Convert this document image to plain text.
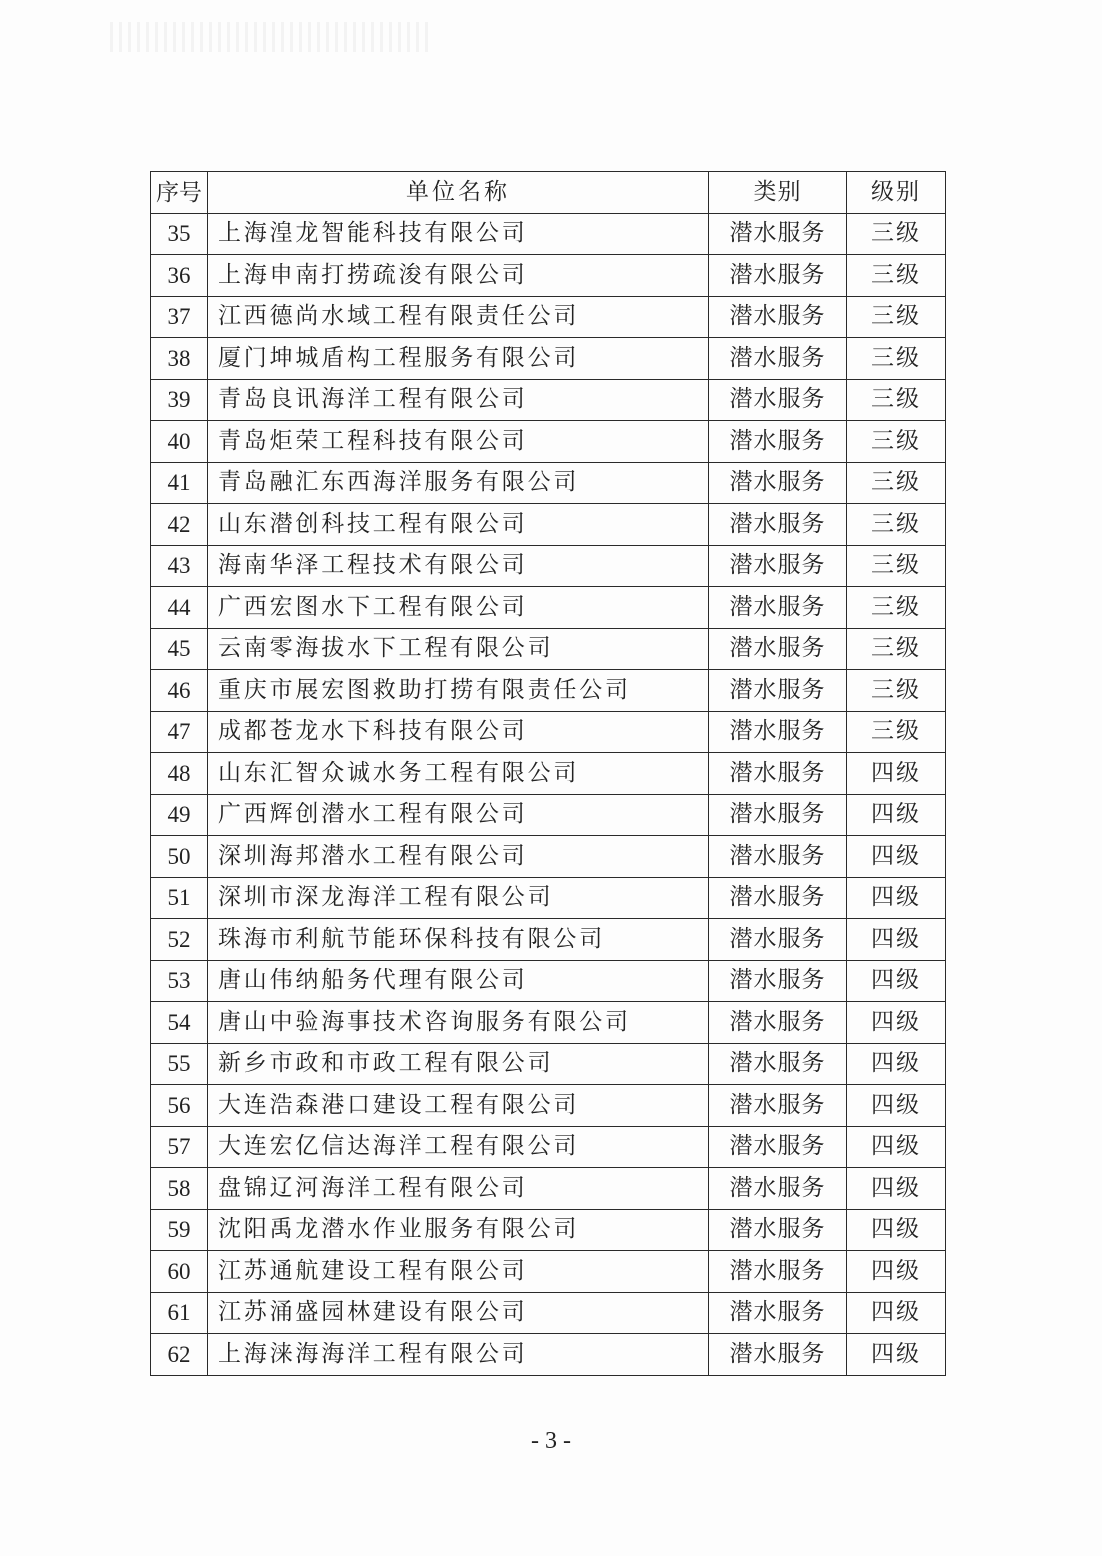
序号	单位名称	类别	级别
35	上海湟龙智能科技有限公司	潜水服务	三级
36	上海申南打捞疏浚有限公司	潜水服务	三级
37	江西德尚水域工程有限责任公司	潜水服务	三级
38	厦门坤城盾构工程服务有限公司	潜水服务	三级
39	青岛良讯海洋工程有限公司	潜水服务	三级
40	青岛炬荣工程科技有限公司	潜水服务	三级
41	青岛融汇东西海洋服务有限公司	潜水服务	三级
42	山东潜创科技工程有限公司	潜水服务	三级
43	海南华泽工程技术有限公司	潜水服务	三级
44	广西宏图水下工程有限公司	潜水服务	三级
45	云南零海拔水下工程有限公司	潜水服务	三级
46	重庆市展宏图救助打捞有限责任公司	潜水服务	三级
47	成都苍龙水下科技有限公司	潜水服务	三级
48	山东汇智众诚水务工程有限公司	潜水服务	四级
49	广西辉创潜水工程有限公司	潜水服务	四级
50	深圳海邦潜水工程有限公司	潜水服务	四级
51	深圳市深龙海洋工程有限公司	潜水服务	四级
52	珠海市利航节能环保科技有限公司	潜水服务	四级
53	唐山伟纳船务代理有限公司	潜水服务	四级
54	唐山中验海事技术咨询服务有限公司	潜水服务	四级
55	新乡市政和市政工程有限公司	潜水服务	四级
56	大连浩森港口建设工程有限公司	潜水服务	四级
57	大连宏亿信达海洋工程有限公司	潜水服务	四级
58	盘锦辽河海洋工程有限公司	潜水服务	四级
59	沈阳禹龙潜水作业服务有限公司	潜水服务	四级
60	江苏通航建设工程有限公司	潜水服务	四级
61	江苏涌盛园林建设有限公司	潜水服务	四级
62	上海涞海海洋工程有限公司	潜水服务	四级
- 3 -
